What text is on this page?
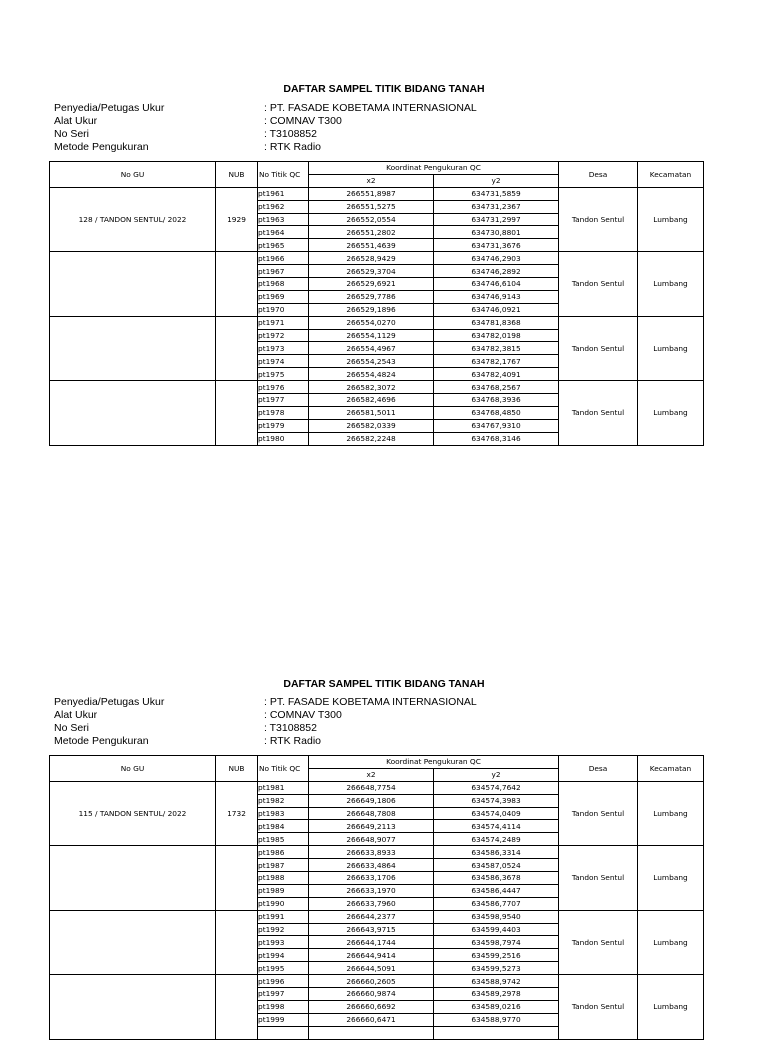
DAFTAR SAMPEL TITIK BIDANG TANAH
Penyedia/Petugas Ukur	: PT. FASADE KOBETAMA INTERNASIONAL
Alat Ukur	: COMNAV T300
No Seri	: T3108852
Metode Pengukuran	: RTK Radio
No GU	NUB	No Titik QC	Koordinat Pengukuran QC		Desa	Kecamatan
			x2	y2		
128 / TANDON SENTUL/ 2022	1929	pt1961	266551,8987	634731,5859	Tandon Sentul	Lumbang
		pt1962	266551,5275	634731,2367		
		pt1963	266552,0554	634731,2997		
		pt1964	266551,2802	634730,8801		
		pt1965	266551,4639	634731,3676		
		pt1966	266528,9429	634746,2903	Tandon Sentul	Lumbang
		pt1967	266529,3704	634746,2892		
		pt1968	266529,6921	634746,6104		
		pt1969	266529,7786	634746,9143		
		pt1970	266529,1896	634746,0921		
		pt1971	266554,0270	634781,8368	Tandon Sentul	Lumbang
		pt1972	266554,1129	634782,0198		
		pt1973	266554,4967	634782,3815		
		pt1974	266554,2543	634782,1767		
		pt1975	266554,4824	634782,4091		
		pt1976	266582,3072	634768,2567	Tandon Sentul	Lumbang
		pt1977	266582,4696	634768,3936		
		pt1978	266581,5011	634768,4850		
		pt1979	266582,0339	634767,9310		
		pt1980	266582,2248	634768,3146		
DAFTAR SAMPEL TITIK BIDANG TANAH
Penyedia/Petugas Ukur	: PT. FASADE KOBETAMA INTERNASIONAL
Alat Ukur	: COMNAV T300
No Seri	: T3108852
Metode Pengukuran	: RTK Radio
No GU	NUB	No Titik QC	Koordinat Pengukuran QC		Desa	Kecamatan
			x2	y2		
115 / TANDON SENTUL/ 2022	1732	pt1981	266648,7754	634574,7642	Tandon Sentul	Lumbang
		pt1982	266649,1806	634574,3983		
		pt1983	266648,7808	634574,0409		
		pt1984	266649,2113	634574,4114		
		pt1985	266648,9077	634574,2489		
		pt1986	266633,8933	634586,3314	Tandon Sentul	Lumbang
		pt1987	266633,4864	634587,0524		
		pt1988	266633,1706	634586,3678		
		pt1989	266633,1970	634586,4447		
		pt1990	266633,7960	634586,7707		
		pt1991	266644,2377	634598,9540	Tandon Sentul	Lumbang
		pt1992	266643,9715	634599,4403		
		pt1993	266644,1744	634598,7974		
		pt1994	266644,9414	634599,2516		
		pt1995	266644,5091	634599,5273		
		pt1996	266660,2605	634588,9742	Tandon Sentul	Lumbang
		pt1997	266660,9874	634589,2978		
		pt1998	266660,6692	634589,0216		
		pt1999	266660,6471	634588,9770		
